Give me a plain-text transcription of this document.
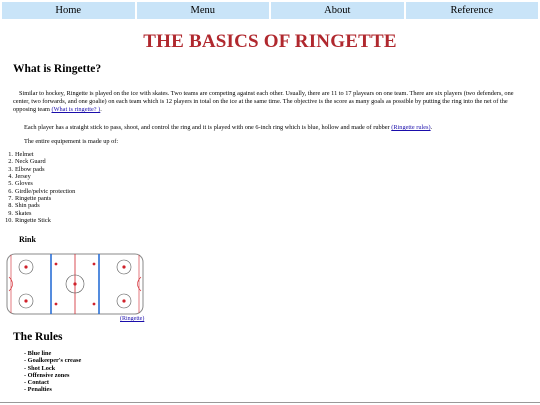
Home	Menu	About	Reference
THE BASICS OF RINGETTE
What is Ringette?
Similar to hockey, Ringette is played on the ice with skates. Two teams are competing against each other. Usually, there are 11 to 17 playears on one team. There are six players (two defenders, one center, two forwards, and one goalie) on each team which is 12 players in total on the ice at the same time. The objective is the score as many goals as possible by putting the ring into the net of the opposing team (What is ringette? ).
Each player has a straight stick to pass, shoot, and control the ring and it is played with one 6-inch ring which is blue, hollow and made of rubber (Ringette rules).
The entire equipement is made up of:
1. Helmet
2. Neck Guard
3. Elbow pads
4. Jersey
5. Gloves
6. Girdle/pelvic protection
7. Ringette pants
8. Shin pads
9. Skates
10. Ringette Stick
Rink
(Ringette)
The Rules
- Blue line
- Goalkeeper's crease
- Shot Lock
- Offensive zones
- Contact
- Penalties
